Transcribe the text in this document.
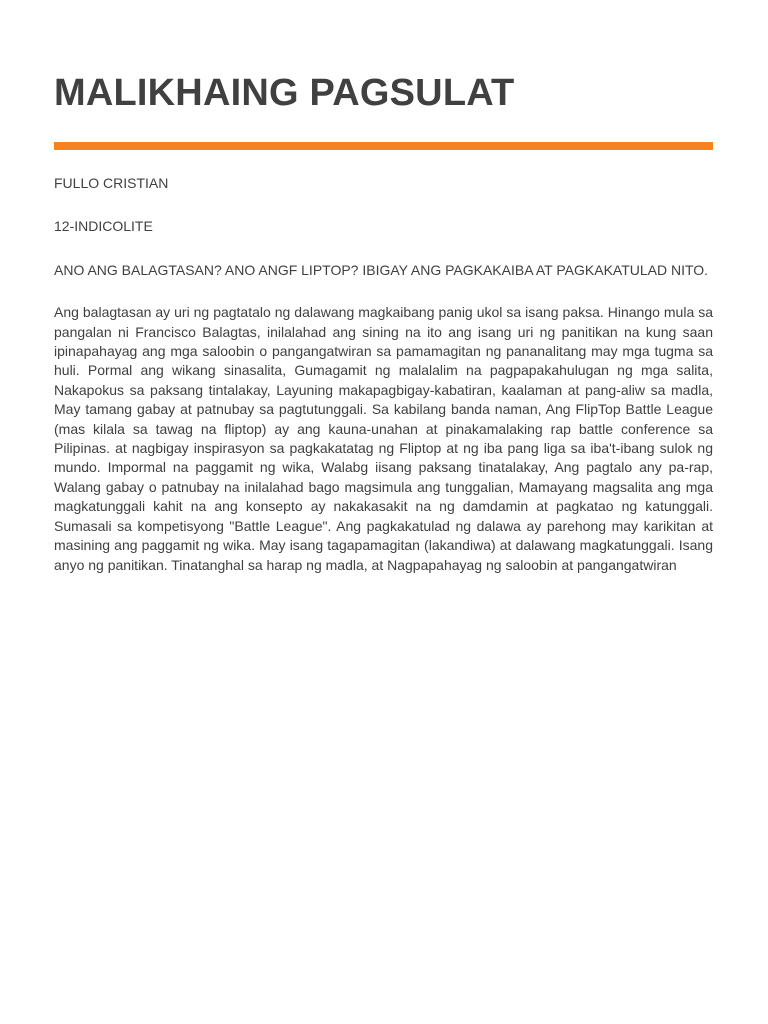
MALIKHAING PAGSULAT

FULLO CRISTIAN

12-INDICOLITE

ANO ANG BALAGTASAN? ANO ANGF LIPTOP? IBIGAY ANG PAGKAKAIBA AT PAGKAKATULAD NITO.

Ang balagtasan ay uri ng pagtatalo ng dalawang magkaibang panig ukol sa isang paksa. Hinango mula sa pangalan ni Francisco Balagtas, inilalahad ang sining na ito ang isang uri ng panitikan na kung saan ipinapahayag ang mga saloobin o pangangatwiran sa pamamagitan ng pananalitang may mga tugma sa huli. Pormal ang wikang sinasalita, Gumagamit ng malalalim na pagpapakahulugan ng mga salita, Nakapokus sa paksang tintalakay, Layuning makapagbigay-kabatiran, kaalaman at pang-aliw sa madla, May tamang gabay at patnubay sa pagtutunggali. Sa kabilang banda naman, Ang FlipTop Battle League (mas kilala sa tawag na fliptop) ay ang kauna-unahan at pinakamalaking rap battle conference sa Pilipinas. at nagbigay inspirasyon sa pagkakatatag ng Fliptop at ng iba pang liga sa iba't-ibang sulok ng mundo. Impormal na paggamit ng wika, Walabg iisang paksang tinatalakay, Ang pagtalo any pa-rap, Walang gabay o patnubay na inilalahad bago magsimula ang tunggalian, Mamayang magsalita ang mga magkatunggali kahit na ang konsepto ay nakakasakit na ng damdamin at pagkatao ng katunggali. Sumasali sa kompetisyong "Battle League". Ang pagkakatulad ng dalawa ay parehong may karikitan at masining ang paggamit ng wika. May isang tagapamagitan (lakandiwa) at dalawang magkatunggali. Isang anyo ng panitikan. Tinatanghal sa harap ng madla, at Nagpapahayag ng saloobin at pangangatwiran
